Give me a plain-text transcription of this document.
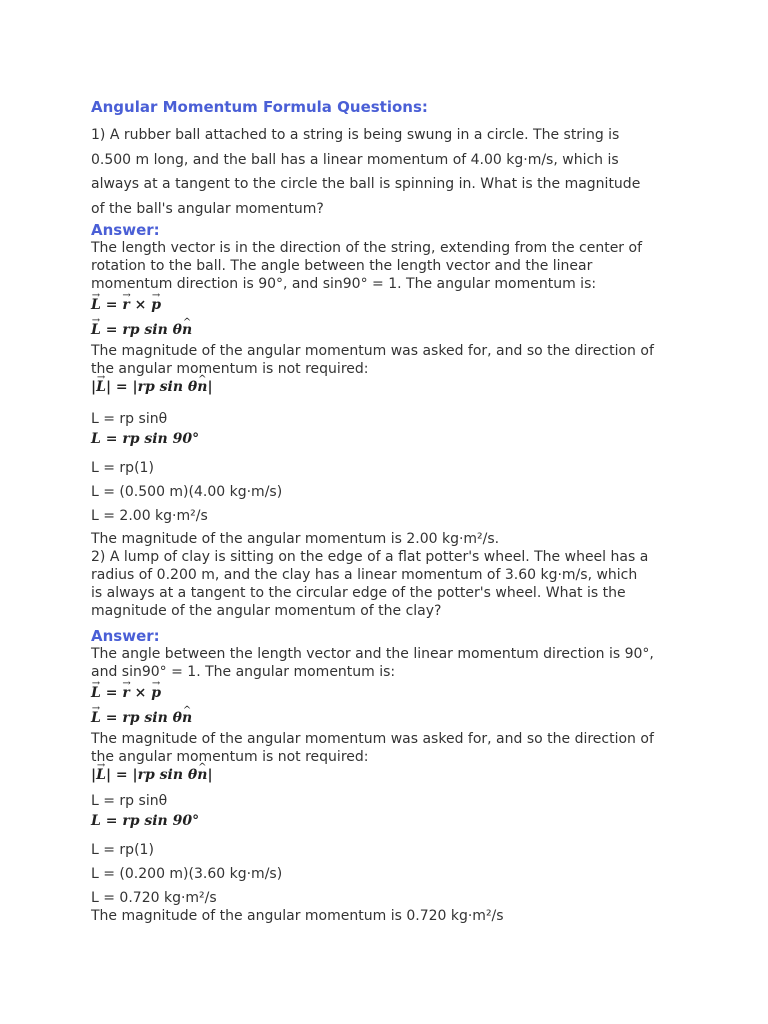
Angular Momentum Formula Questions:
1) A rubber ball attached to a string is being swung in a circle. The string is
0.500 m long, and the ball has a linear momentum of 4.00 kg·m/s, which is
always at a tangent to the circle the ball is spinning in. What is the magnitude
of the ball's angular momentum?
Answer:
The length vector is in the direction of the string, extending from the center of
rotation to the ball. The angle between the length vector and the linear
momentum direction is 90°, and sin90° = 1. The angular momentum is:
→ L = → r × → p
→ L = rp sin θ^ n
The magnitude of the angular momentum was asked for, and so the direction of
the angular momentum is not required:
|→ L| = |rp sin θ^ n|
L = rp sinθ
L = rp sin 90°
L = rp(1)
L = (0.500 m)(4.00 kg·m/s)
L = 2.00 kg·m²/s
The magnitude of the angular momentum is 2.00 kg·m²/s.
2) A lump of clay is sitting on the edge of a flat potter's wheel. The wheel has a
radius of 0.200 m, and the clay has a linear momentum of 3.60 kg·m/s, which
is always at a tangent to the circular edge of the potter's wheel. What is the
magnitude of the angular momentum of the clay?
Answer:
The angle between the length vector and the linear momentum direction is 90°,
and sin90° = 1. The angular momentum is:
→ L = → r × → p
→ L = rp sin θ^ n
The magnitude of the angular momentum was asked for, and so the direction of
the angular momentum is not required:
|→ L| = |rp sin θ^ n|
L = rp sinθ
L = rp sin 90°
L = rp(1)
L = (0.200 m)(3.60 kg·m/s)
L = 0.720 kg·m²/s
The magnitude of the angular momentum is 0.720 kg·m²/s
